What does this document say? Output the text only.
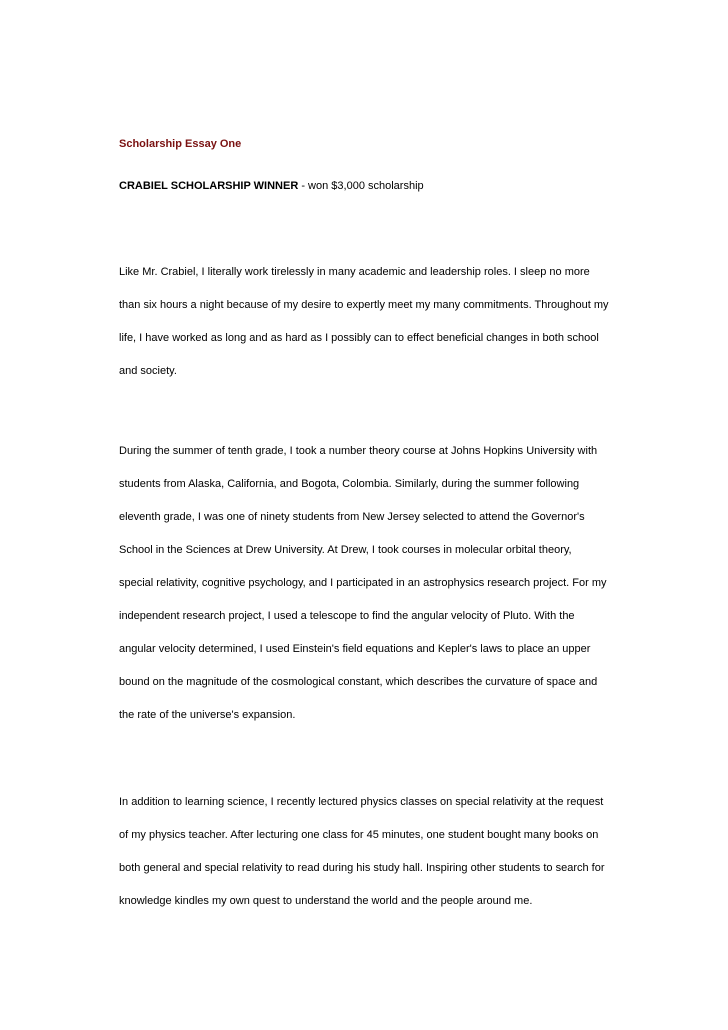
Scholarship Essay One
CRABIEL SCHOLARSHIP WINNER - won $3,000 scholarship
Like Mr. Crabiel, I literally work tirelessly in many academic and leadership roles. I sleep no more
than six hours a night because of my desire to expertly meet my many commitments. Throughout my
life, I have worked as long and as hard as I possibly can to effect beneficial changes in both school
and society.
During the summer of tenth grade, I took a number theory course at Johns Hopkins University with
students from Alaska, California, and Bogota, Colombia. Similarly, during the summer following
eleventh grade, I was one of ninety students from New Jersey selected to attend the Governor's
School in the Sciences at Drew University. At Drew, I took courses in molecular orbital theory,
special relativity, cognitive psychology, and I participated in an astrophysics research project. For my
independent research project, I used a telescope to find the angular velocity of Pluto. With the
angular velocity determined, I used Einstein's field equations and Kepler's laws to place an upper
bound on the magnitude of the cosmological constant, which describes the curvature of space and
the rate of the universe's expansion.
In addition to learning science, I recently lectured physics classes on special relativity at the request
of my physics teacher. After lecturing one class for 45 minutes, one student bought many books on
both general and special relativity to read during his study hall. Inspiring other students to search for
knowledge kindles my own quest to understand the world and the people around me.
